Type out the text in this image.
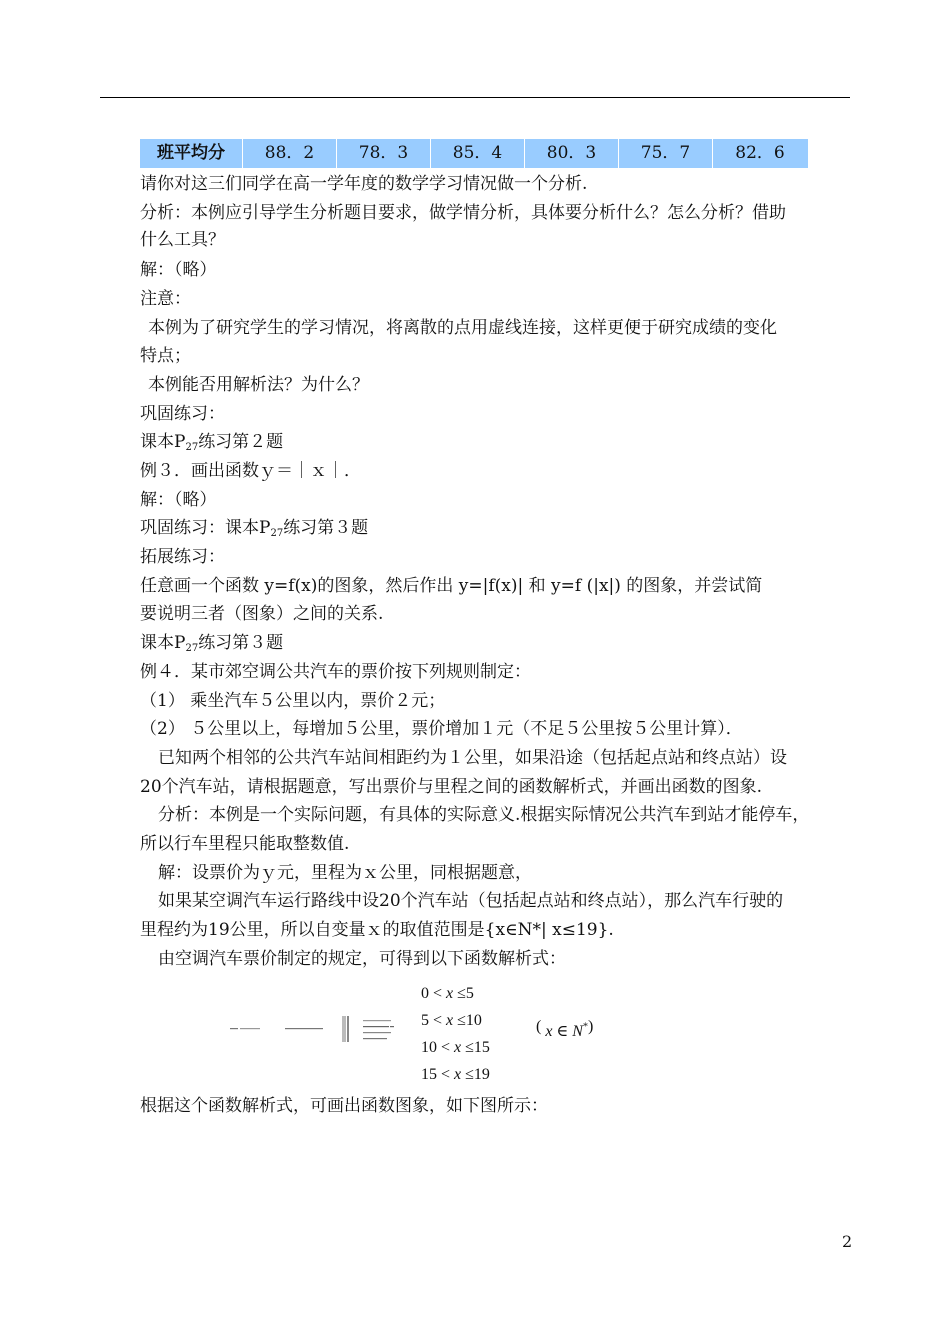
班平均分	88．2	78．3	85．4	80．3	75．7	82．6
请你对这三们同学在高一学年度的数学学习情况做一个分析.
分析：本例应引导学生分析题目要求，做学情分析，具体要分析什么？怎么分析？借助
什么工具？
解：（略）
注意：
本例为了研究学生的学习情况，将离散的点用虚线连接，这样更便于研究成绩的变化
特点；
本例能否用解析法？为什么？
巩固练习：
课本$P_{27}$练习第２题
例３．画出函数ｙ＝｜ｘ｜．
解：（略）
巩固练习：课本$P_{27}$练习第３题
拓展练习：
任意画一个函数 y=f(x)的图象，然后作出 y=|f(x)| 和 y=f (|x|) 的图象，并尝试简
要说明三者（图象）之间的关系.
课本$P_{27}$练习第３题
例４．某市郊空调公共汽车的票价按下列规则制定：
（1） 乘坐汽车５公里以内，票价２元；
（2） ５公里以上，每增加５公里，票价增加１元（不足５公里按５公里计算）．
已知两个相邻的公共汽车站间相距约为１公里，如果沿途（包括起点站和终点站）设
20个汽车站，请根据题意，写出票价与里程之间的函数解析式，并画出函数的图象.
分析：本例是一个实际问题，有具体的实际意义.根据实际情况公共汽车到站才能停车，
所以行车里程只能取整数值.
解：设票价为ｙ元，里程为ｘ公里，同根据题意，
如果某空调汽车运行路线中设20个汽车站（包括起点站和终点站），那么汽车行驶的
里程约为19公里，所以自变量ｘ的取值范围是{x∈N*| x≤19}.
由空调汽车票价制定的规定，可得到以下函数解析式：
0 < x ≤5
5 < x ≤10
10 < x ≤15
15 < x ≤19
( x ∈ N*)
根据这个函数解析式，可画出函数图象，如下图所示：
2
